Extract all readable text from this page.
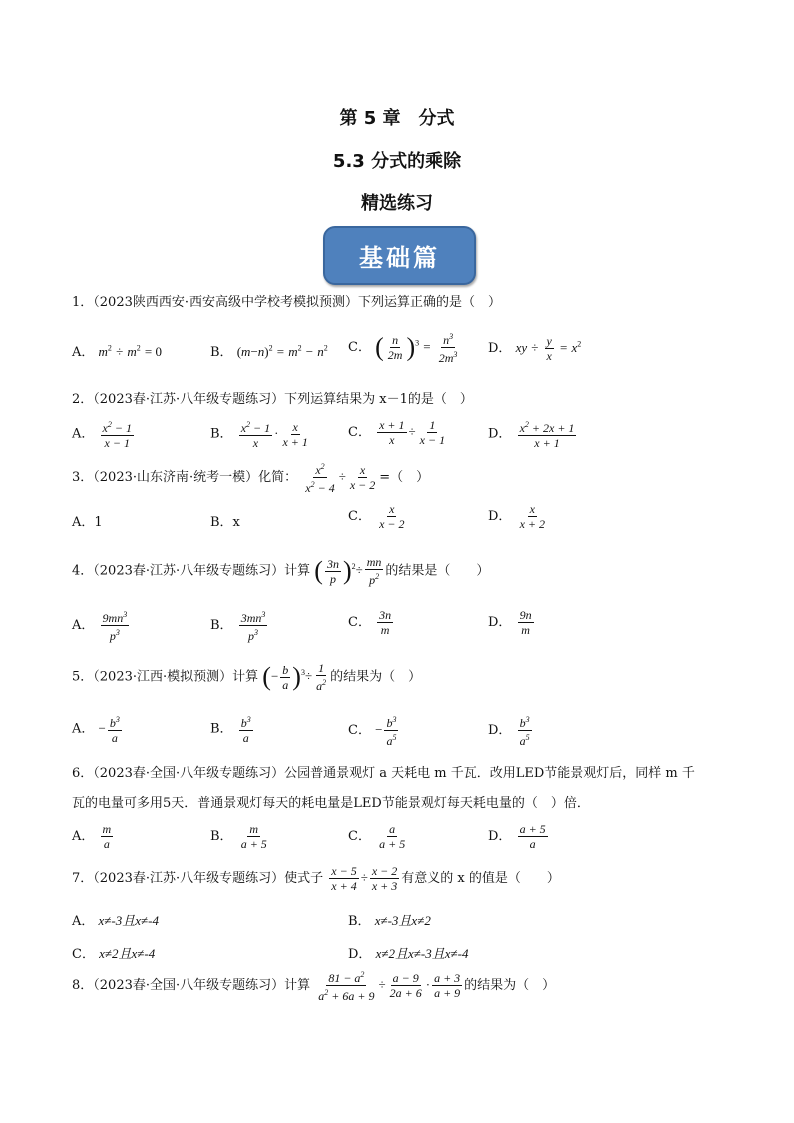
第 5 章　分式
5.3 分式的乘除
精选练习
基础篇
1．（2023陕西西安·西安高级中学校考模拟预测）下列运算正确的是（　）
A． $m^2 \div m^2 = 0$	B． $(m-n)^2 = m^2 - n^2$ C． ( $\frac{n}{2m} )^3 = \frac{n^3}{2m^3}$ D． xy ÷ $\frac{y}{x} = x^2$
2．（2023春·江苏·八年级专题练习）下列运算结果为 x－1的是（　）
A． $\frac{x^2 - 1}{x - 1}$	B． $\frac{x^2 - 1}{x} \cdot \frac{x}{x + 1}$	C． $\frac{x + 1}{x} \div \frac{1}{x - 1}$	D． $\frac{x^2 + 2x + 1}{x + 1}$
3．（2023·山东济南·统考一模）化简： $\frac{x^2}{x^2 - 4} \div \frac{x}{x - 2}$ =（　）
A．1	B．x	C． $\frac{x}{x - 2}$	D． $\frac{x}{x + 2}$
4．（2023春·江苏·八年级专题练习）计算 ( $\frac{3n}{p} )^2\div \frac{mn}{p^2}$ 的结果是（　　）
A． $\frac{9mn^3}{p^3}$	B． $\frac{3mn^3}{p^3}$	C． $\frac{3n}{m}$	D． $\frac{9n}{m}$
5．（2023·江西·模拟预测）计算 (− $\frac{b}{a} )^3\div \frac{1}{a^2}$ 的结果为（　）
A． − $\frac{b^3}{a}$	B． $\frac{b^3}{a}$	C． − $\frac{b^3}{a^5}$	D． $\frac{b^3}{a^5}$
6．（2023春·全国·八年级专题练习）公园普通景观灯 a 天耗电 m 千瓦．改用LED节能景观灯后，同样 m 千
瓦的电量可多用5天．普通景观灯每天的耗电量是LED节能景观灯每天耗电量的（　）倍．
A． $\frac{m}{a}$	B． $\frac{m}{a + 5}$	C． $\frac{a}{a + 5}$	D． $\frac{a + 5}{a}$
7．（2023春·江苏·八年级专题练习）使式子 $\frac{x - 5}{x + 4} \div \frac{x - 2}{x + 3}$ 有意义的 x 的值是（　　）
A． x≠-3且x≠-4	B． x≠-3且x≠2
C． x≠2且x≠-4	D． x≠2且x≠-3且x≠-4
8．（2023春·全国·八年级专题练习）计算 $\frac{81 - a^2}{a^2 + 6a + 9} \div \frac{a - 9}{2a + 6} \cdot \frac{a + 3}{a + 9}$ 的结果为（　）
